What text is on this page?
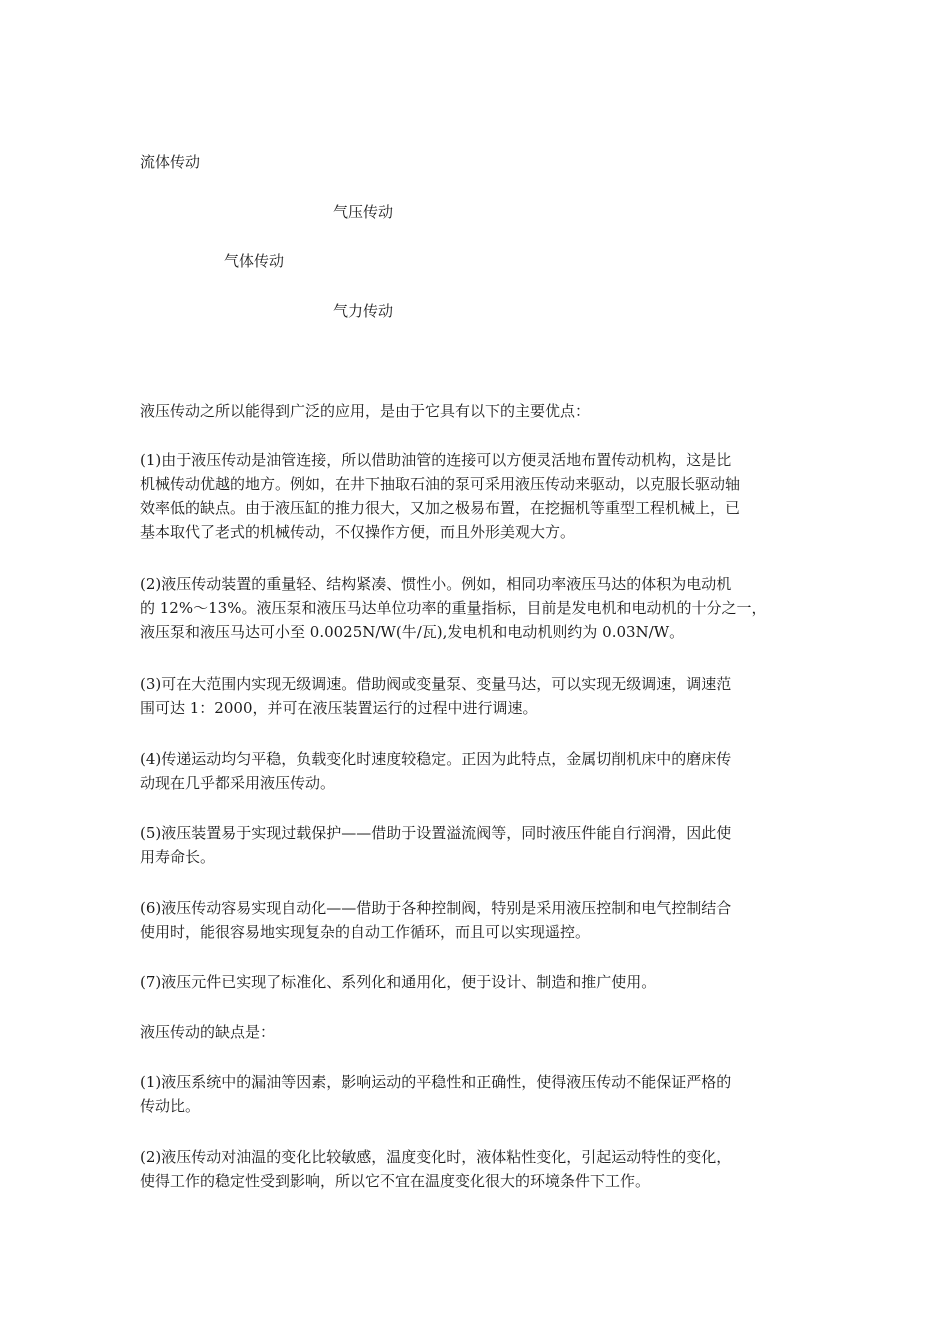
流体传动

气压传动

气体传动

气力传动

液压传动之所以能得到广泛的应用，是由于它具有以下的主要优点：

(1)由于液压传动是油管连接，所以借助油管的连接可以方便灵活地布置传动机构，这是比
机械传动优越的地方。例如，在井下抽取石油的泵可采用液压传动来驱动，以克服长驱动轴
效率低的缺点。由于液压缸的推力很大，又加之极易布置，在挖掘机等重型工程机械上，已
基本取代了老式的机械传动，不仅操作方便，而且外形美观大方。
(2)液压传动装置的重量轻、结构紧凑、惯性小。例如，相同功率液压马达的体积为电动机
的 12%～13%。液压泵和液压马达单位功率的重量指标，目前是发电机和电动机的十分之一，
液压泵和液压马达可小至 0.0025N/W(牛/瓦),发电机和电动机则约为 0.03N/W。
(3)可在大范围内实现无级调速。借助阀或变量泵、变量马达，可以实现无级调速，调速范
围可达 1：2000，并可在液压装置运行的过程中进行调速。
(4)传递运动均匀平稳，负载变化时速度较稳定。正因为此特点，金属切削机床中的磨床传
动现在几乎都采用液压传动。
(5)液压装置易于实现过载保护——借助于设置溢流阀等，同时液压件能自行润滑，因此使
用寿命长。
(6)液压传动容易实现自动化——借助于各种控制阀，特别是采用液压控制和电气控制结合
使用时，能很容易地实现复杂的自动工作循环，而且可以实现遥控。
(7)液压元件已实现了标准化、系列化和通用化，便于设计、制造和推广使用。

液压传动的缺点是：

(1)液压系统中的漏油等因素，影响运动的平稳性和正确性，使得液压传动不能保证严格的
传动比。
(2)液压传动对油温的变化比较敏感，温度变化时，液体粘性变化，引起运动特性的变化，
使得工作的稳定性受到影响，所以它不宜在温度变化很大的环境条件下工作。
